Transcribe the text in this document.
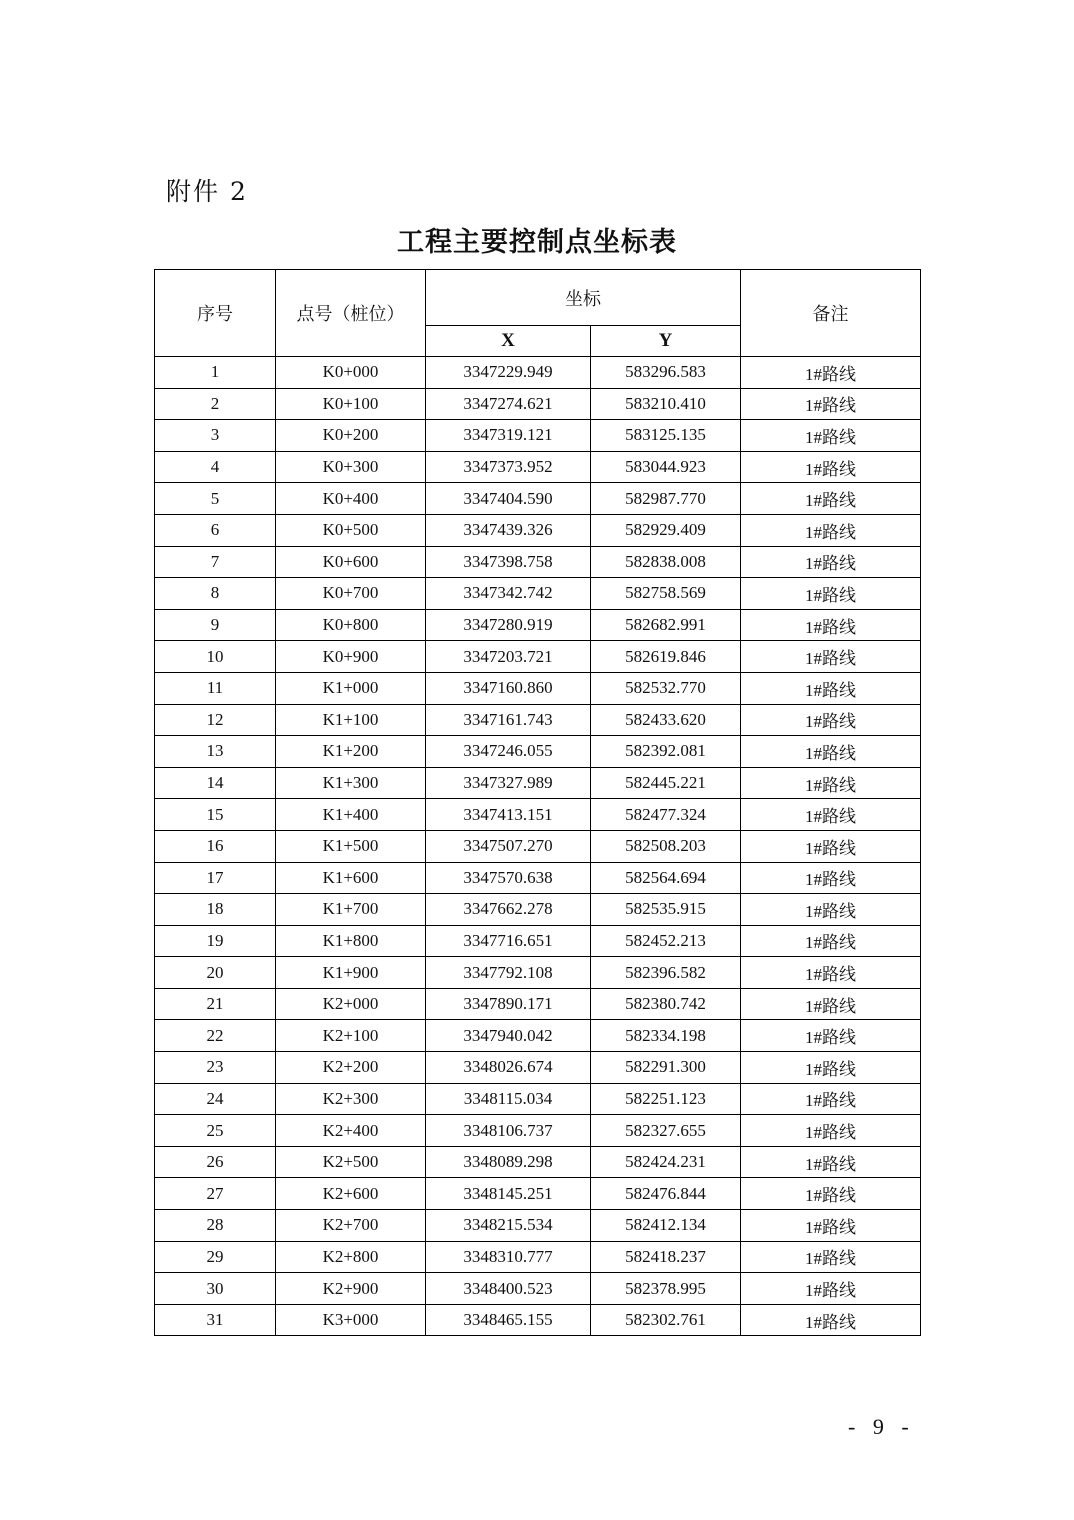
附件 2
工程主要控制点坐标表
序号	点号（桩位）	坐标		备注
		X	Y	
1	K0+000	3347229.949	583296.583	1#路线
2	K0+100	3347274.621	583210.410	1#路线
3	K0+200	3347319.121	583125.135	1#路线
4	K0+300	3347373.952	583044.923	1#路线
5	K0+400	3347404.590	582987.770	1#路线
6	K0+500	3347439.326	582929.409	1#路线
7	K0+600	3347398.758	582838.008	1#路线
8	K0+700	3347342.742	582758.569	1#路线
9	K0+800	3347280.919	582682.991	1#路线
10	K0+900	3347203.721	582619.846	1#路线
11	K1+000	3347160.860	582532.770	1#路线
12	K1+100	3347161.743	582433.620	1#路线
13	K1+200	3347246.055	582392.081	1#路线
14	K1+300	3347327.989	582445.221	1#路线
15	K1+400	3347413.151	582477.324	1#路线
16	K1+500	3347507.270	582508.203	1#路线
17	K1+600	3347570.638	582564.694	1#路线
18	K1+700	3347662.278	582535.915	1#路线
19	K1+800	3347716.651	582452.213	1#路线
20	K1+900	3347792.108	582396.582	1#路线
21	K2+000	3347890.171	582380.742	1#路线
22	K2+100	3347940.042	582334.198	1#路线
23	K2+200	3348026.674	582291.300	1#路线
24	K2+300	3348115.034	582251.123	1#路线
25	K2+400	3348106.737	582327.655	1#路线
26	K2+500	3348089.298	582424.231	1#路线
27	K2+600	3348145.251	582476.844	1#路线
28	K2+700	3348215.534	582412.134	1#路线
29	K2+800	3348310.777	582418.237	1#路线
30	K2+900	3348400.523	582378.995	1#路线
31	K3+000	3348465.155	582302.761	1#路线
- 9 -
